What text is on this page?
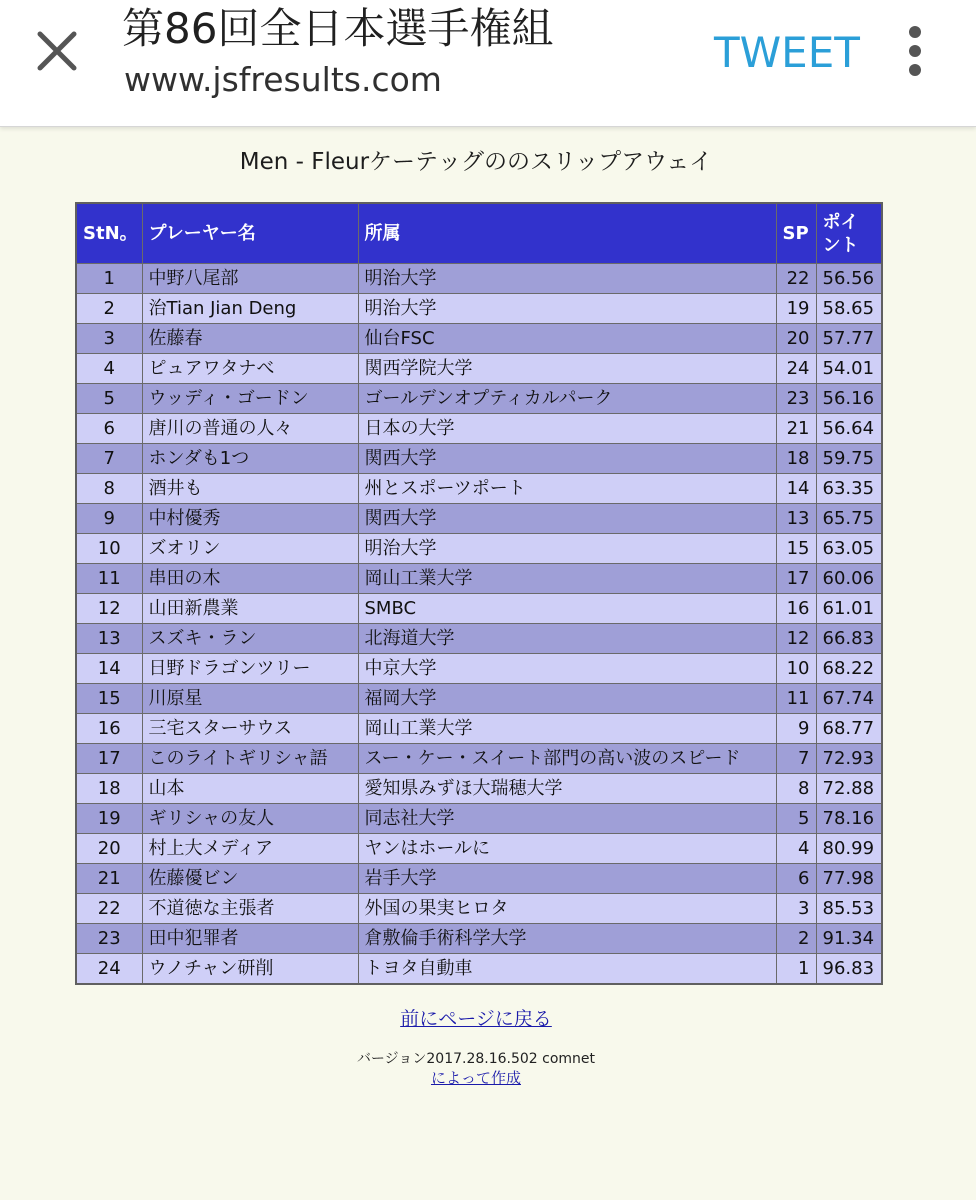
第86回全日本選手権組
www.jsfresults.com
TWEET
Men - Fleurケーテッグののスリップアウェイ
StN。	プレーヤー名	所属	SP	ポイント
1	中野八尾部	明治大学	22	56.56
2	治Tian Jian Deng	明治大学	19	58.65
3	佐藤春	仙台FSC	20	57.77
4	ピュアワタナべ	関西学院大学	24	54.01
5	ウッディ・ゴードン	ゴールデンオプティカルパーク	23	56.16
6	唐川の普通の人々	日本の大学	21	56.64
7	ホンダも1つ	関西大学	18	59.75
8	酒井も	州とスポーツポート	14	63.35
9	中村優秀	関西大学	13	65.75
10	ズオリン	明治大学	15	63.05
11	串田の木	岡山工業大学	17	60.06
12	山田新農業	SMBC	16	61.01
13	スズキ・ラン	北海道大学	12	66.83
14	日野ドラゴンツリー	中京大学	10	68.22
15	川原星	福岡大学	11	67.74
16	三宅スターサウス	岡山工業大学	9	68.77
17	このライトギリシャ語	スー・ケー・スイート部門の高い波のスピード	7	72.93
18	山本	愛知県みずほ大瑞穂大学	8	72.88
19	ギリシャの友人	同志社大学	5	78.16
20	村上大メディア	ヤンはホールに	4	80.99
21	佐藤優ビン	岩手大学	6	77.98
22	不道徳な主張者	外国の果実ヒロタ	3	85.53
23	田中犯罪者	倉敷倫手術科学大学	2	91.34
24	ウノチャン研削	トヨタ自動車	1	96.83
前にページに戻る
バージョン2017.28.16.502 comnet
によって作成
